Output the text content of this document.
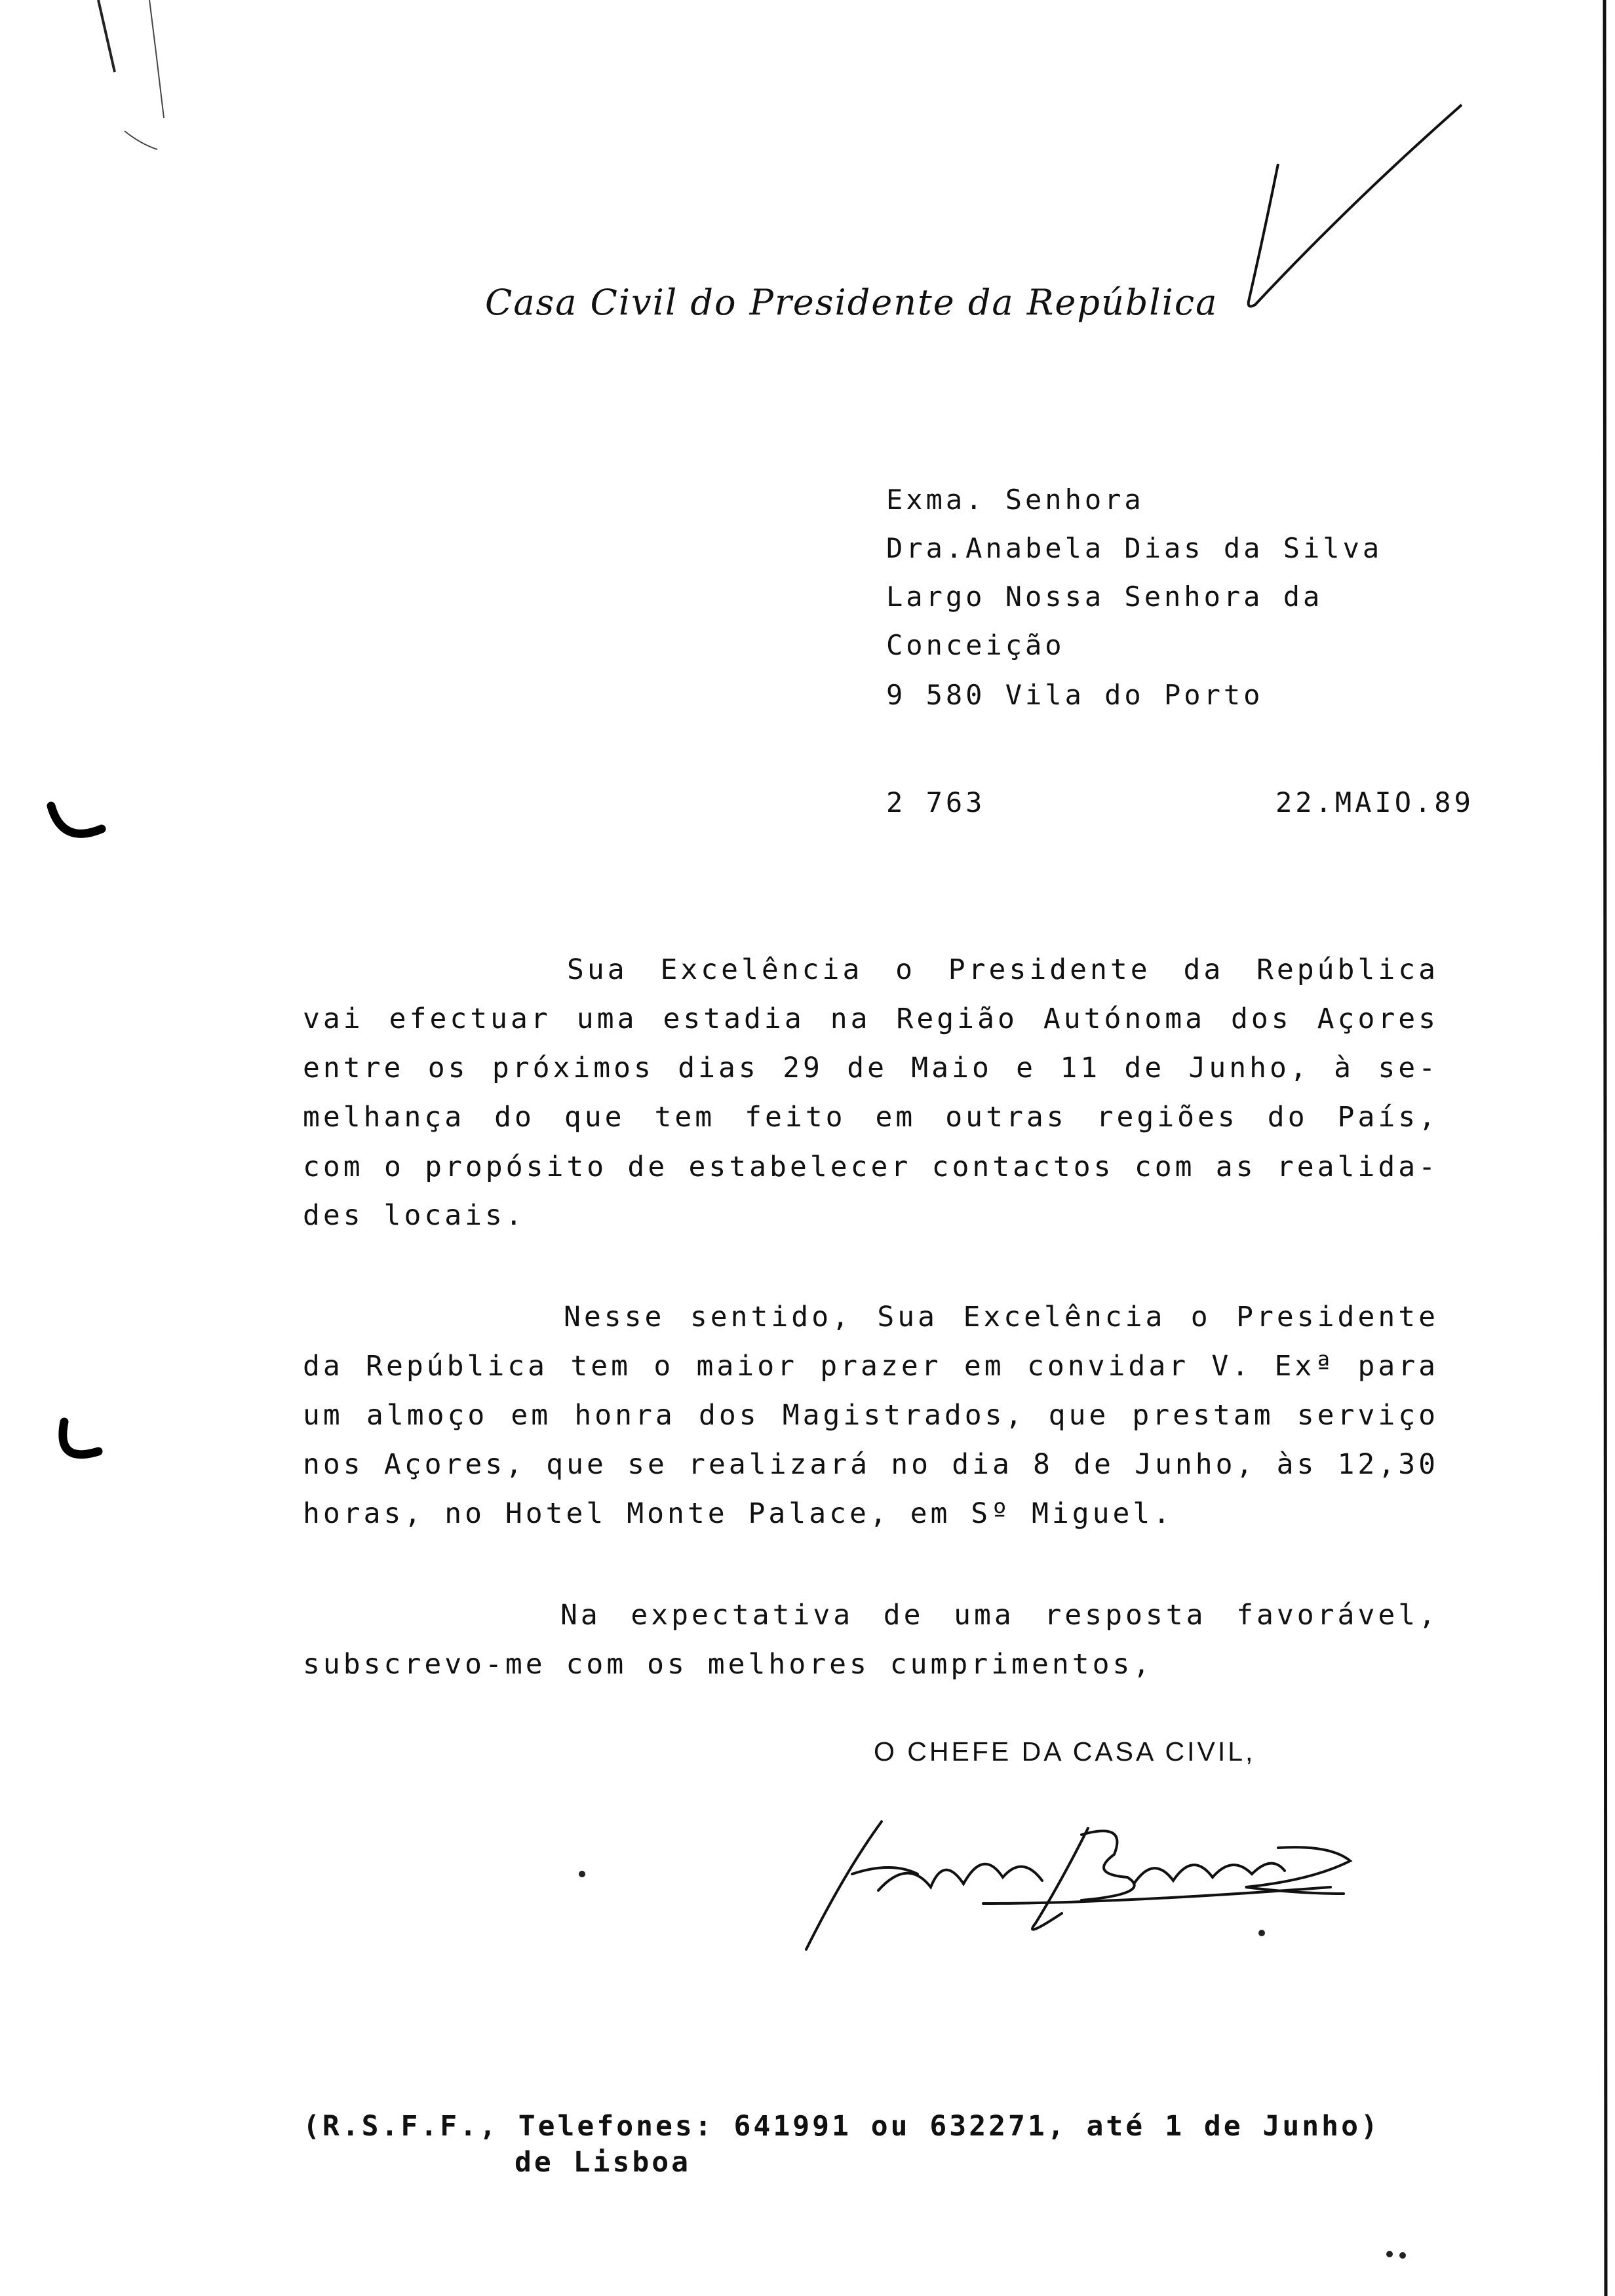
Casa Civil do Presidente da República
Exma. Senhora
Dra.Anabela Dias da Silva
Largo Nossa Senhora da
Conceição
9 580 Vila do Porto
2 763	22.MAIO.89
Sua Excelência o Presidente da República
vai efectuar uma estadia na Região Autónoma dos Açores
entre os próximos dias 29 de Maio e 11 de Junho, à se-
melhança do que tem feito em outras regiões do País,
com o propósito de estabelecer contactos com as realida-
des locais.
Nesse sentido, Sua Excelência o Presidente
da República tem o maior prazer em convidar V. Exª para
um almoço em honra dos Magistrados, que prestam serviço
nos Açores, que se realizará no dia 8 de Junho, às 12,30
horas, no Hotel Monte Palace, em Sº Miguel.
Na expectativa de uma resposta favorável,
subscrevo-me com os melhores cumprimentos,
O CHEFE DA CASA CIVIL,
(R.S.F.F., Telefones: 641991 ou 632271, até 1 de Junho)
de Lisboa
